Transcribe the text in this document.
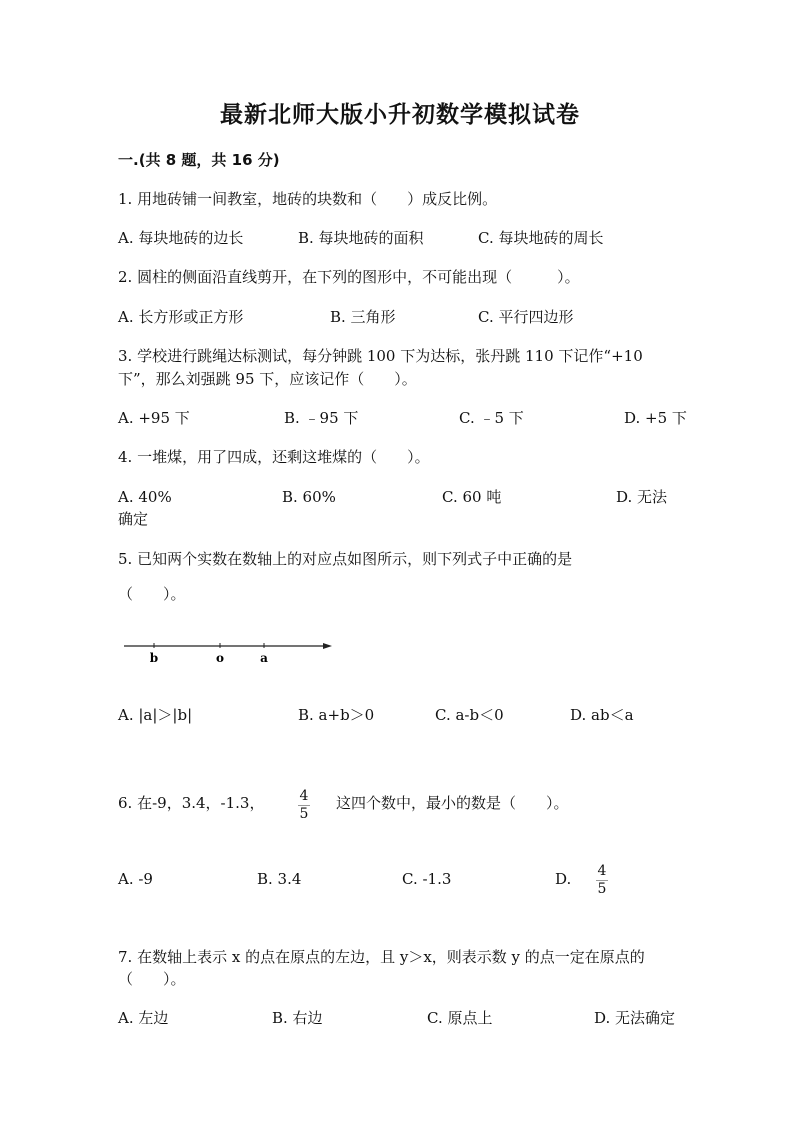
最新北师大版小升初数学模拟试卷
一.(共 8 题，共 16 分)
1. 用地砖铺一间教室，地砖的块数和（　　）成反比例。
A. 每块地砖的边长	B. 每块地砖的面积	C. 每块地砖的周长
2. 圆柱的侧面沿直线剪开，在下列的图形中，不可能出现（　　　）。
A. 长方形或正方形	B. 三角形	C. 平行四边形
3. 学校进行跳绳达标测试，每分钟跳 100 下为达标，张丹跳 110 下记作“+10
下”，那么刘强跳 95 下，应该记作（　　）。
A. +95 下	B. ﹣95 下	C. ﹣5 下	D. +5 下
4. 一堆煤，用了四成，还剩这堆煤的（　　）。
A. 40%	B. 60%	C. 60 吨	D. 无法
确定
5. 已知两个实数在数轴上的对应点如图所示，则下列式子中正确的是
（　　）。
b	o	a
A. |a|＞|b|	B. a+b＞0	C. a-b＜0	D. ab＜a
6. 在-9，3.4，-1.3，	4
5
这四个数中，最小的数是（　　）。
A. -9	B. 3.4	C. -1.3	D. 4
5
7. 在数轴上表示 x 的点在原点的左边，且 y＞x，则表示数 y 的点一定在原点的
（　　）。
A. 左边	B. 右边	C. 原点上	D. 无法确定
